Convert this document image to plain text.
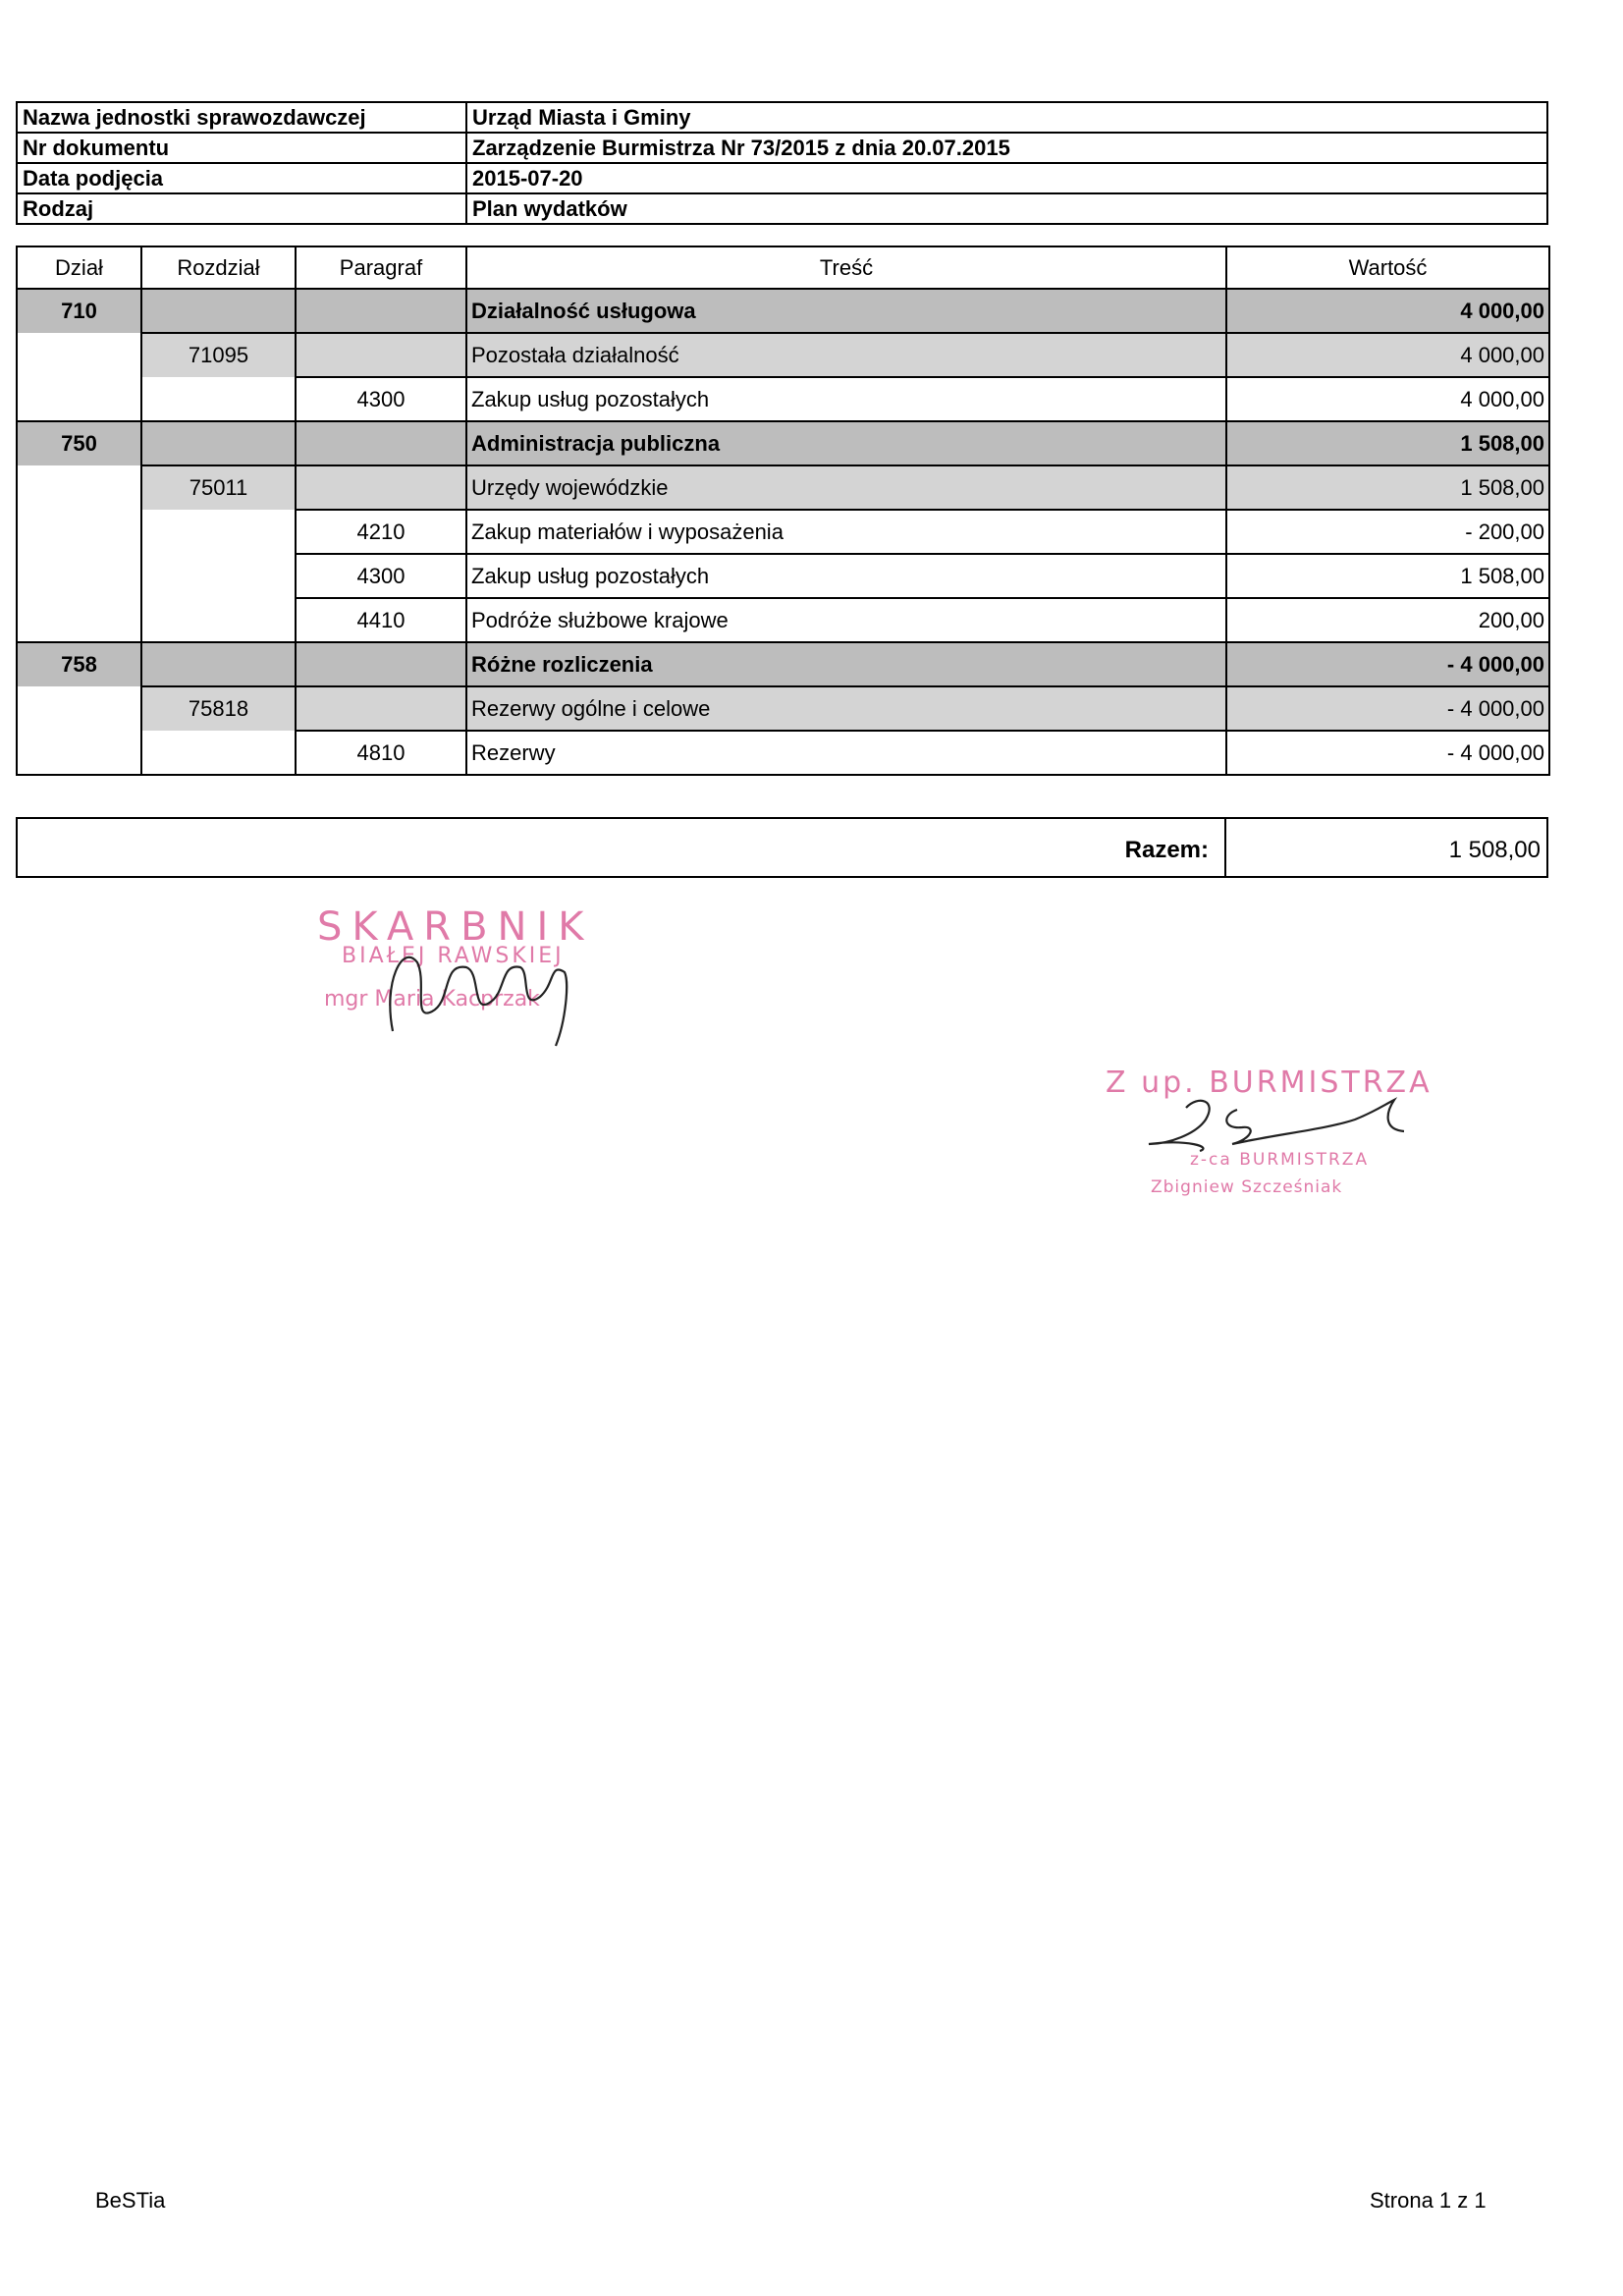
Nazwa jednostki sprawozdawczej	Urząd Miasta i Gminy
Nr dokumentu	Zarządzenie Burmistrza Nr 73/2015 z dnia 20.07.2015
Data podjęcia	2015-07-20
Rodzaj	Plan wydatków
Dział	Rozdział	Paragraf	Treść	Wartość
710			Działalność usługowa	4 000,00
	71095		Pozostała działalność	4 000,00
		4300	Zakup usług pozostałych	4 000,00
750			Administracja publiczna	1 508,00
	75011		Urzędy wojewódzkie	1 508,00
		4210	Zakup materiałów i wyposażenia	- 200,00
		4300	Zakup usług pozostałych	1 508,00
		4410	Podróże służbowe krajowe	200,00
758			Różne rozliczenia	- 4 000,00
	75818		Rezerwy ogólne i celowe	- 4 000,00
		4810	Rezerwy	- 4 000,00
Razem:	1 508,00
SKARBNIK
BIAŁEJ RAWSKIEJ
mgr Maria Kacprzak
Z up. BURMISTRZA
z-ca BURMISTRZA
Zbigniew Szcześniak
BeSTia	Strona 1 z 1
